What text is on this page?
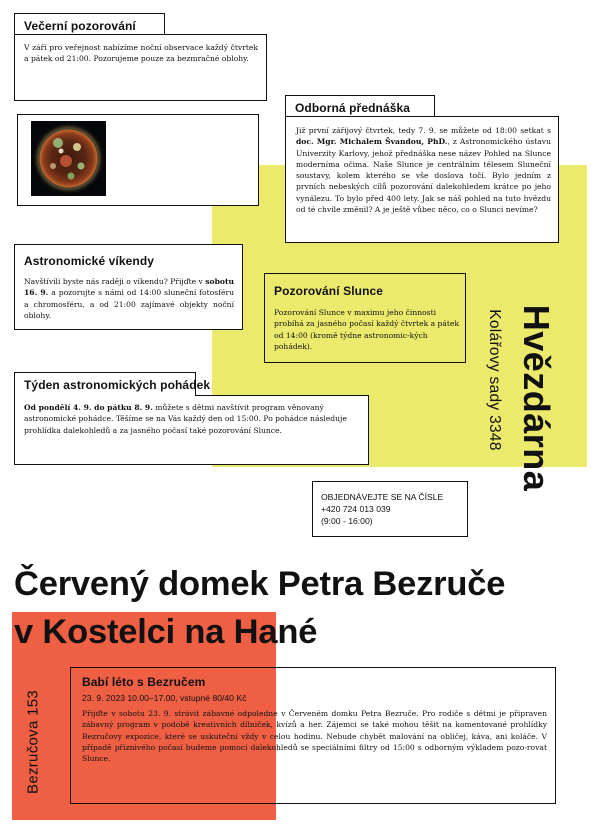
Večerní pozorování
V září pro veřejnost nabízíme noční observace každý čtvrtek a pátek od 21:00. Pozorujeme pouze za bezmračné oblohy.
Odborná přednáška
Již první zářijový čtvrtek, tedy 7. 9. se můžete od 18:00 setkat s doc. Mgr. Michalem Švandou, PhD., z Astronomického ústavu Univerzity Karlovy, jehož přednáška nese název Pohled na Slunce moderníma očima. Naše Slunce je centrálním tělesem Sluneční soustavy, kolem kterého se vše doslova točí. Bylo jedním z prvních nebeských cílů pozorování dalekohledem krátce po jeho vynálezu. To bylo před 400 lety. Jak se náš pohled na tuto hvězdu od té chvíle změnil? A je ještě vůbec něco, co o Slunci nevíme?
Astronomické víkendy
Navštívili byste nás raději o víkendu? Přijďte v sobotu 16. 9. a pozorujte s námi od 14:00 sluneční fotosféru a chromosféru, a od 21:00 zajímavé objekty noční oblohy.
Pozorování Slunce
Pozorování Slunce v maximu jeho činnosti probíhá za jasného počasí každý čtvrtek a pátek od 14:00 (kromě týdne astronomic-kých pohádek).
Týden astronomických pohádek
Od pondělí 4. 9. do pátku 8. 9. můžete s dětmi navštívit program věnovaný astronomické pohádce. Těšíme se na Vás každý den od 15:00. Po pohádce následuje prohlídka dalekohledů a za jasného počasí také pozorování Slunce.	Hvězdárna
Kolářovy sady 3348
OBJEDNÁVEJTE SE NA ČÍSLE
+420 724 013 039
(9:00 - 16:00)
Červený domek Petra Bezruče
v Kostelci na Hané
Bezručova 153
Babí léto s Bezručem
23. 9. 2023 10.00–17.00, vstupné 80/40 Kč
Přijďte v sobotu 23. 9. strávit zábavné odpoledne v Červeném domku Petra Bezruče. Pro rodiče s dětmi je připraven zábavný program v podobě kreativních dílniček, kvízů a her. Zájemci se také mohou těšit na komentované prohlídky Bezručovy expozice, které se uskuteční vždy v celou hodinu. Nebude chybět malování na obličej, káva, ani koláče. V případě příznivého počasí budeme pomocí dalekohledů se speciálními filtry od 15:00 s odborným výkladem pozo-rovat Slunce.
